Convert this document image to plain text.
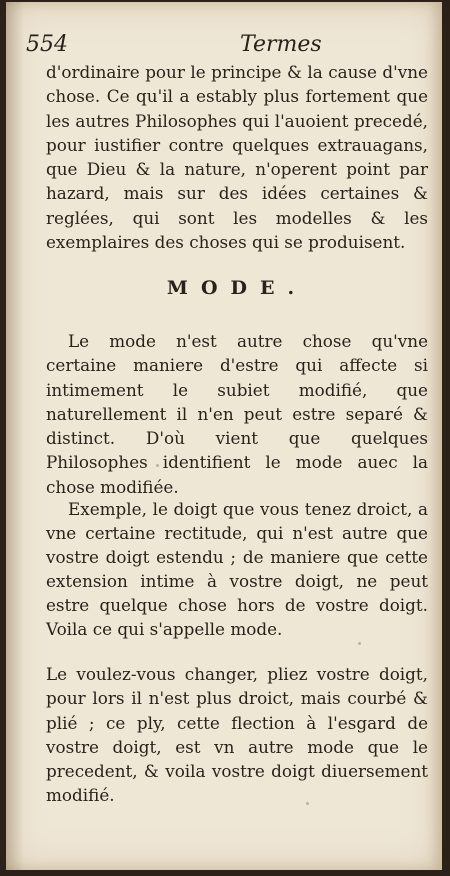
554	Termes

d'ordinaire pour le principe & la cause d'vne chose. Ce qu'il a estably plus fortement que les autres Philosophes qui l'auoient precedé, pour iustifier contre quelques extrauagans, que Dieu & la nature, n'operent point par hazard, mais sur des idées certaines & reglées, qui sont les modelles & les exemplaires des choses qui se produisent.

MODE.

Le mode n'est autre chose qu'vne certaine maniere d'estre qui affecte si intimement le subiet modifié, que naturellement il n'en peut estre separé & distinct. D'où vient que quelques Philosophes identifient le mode auec la chose modifiée.

Exemple, le doigt que vous tenez droict, a vne certaine rectitude, qui n'est autre que vostre doigt estendu ; de maniere que cette extension intime à vostre doigt, ne peut estre quelque chose hors de vostre doigt. Voila ce qui s'appelle mode.

Le voulez-vous changer, pliez vostre doigt, pour lors il n'est plus droict, mais courbé & plié ; ce ply, cette flection à l'esgard de vostre doigt, est vn autre mode que le precedent, & voila vostre doigt diuersement modifié.
